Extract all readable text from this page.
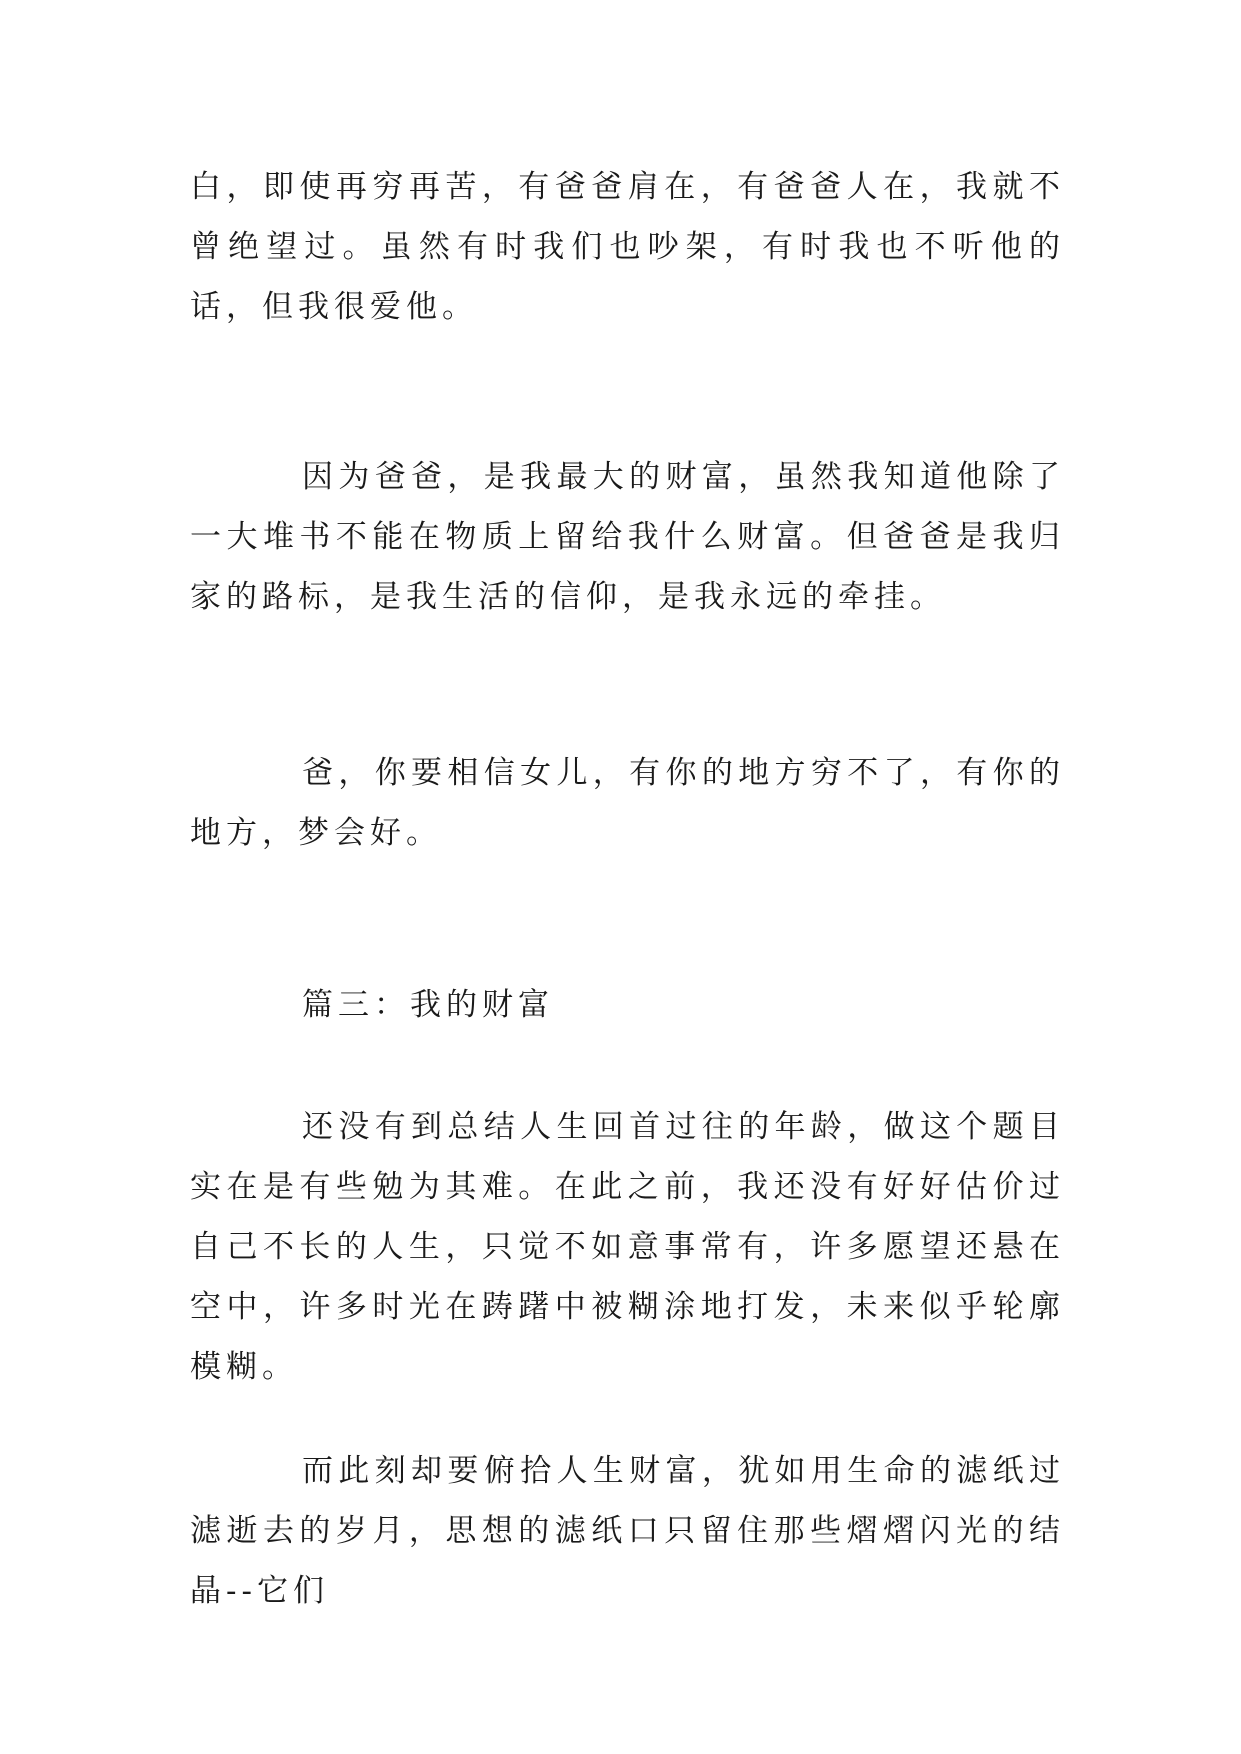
白，即使再穷再苦，有爸爸肩在，有爸爸人在，我就不曾绝望过。虽然有时我们也吵架，有时我也不听他的话，但我很爱他。

因为爸爸，是我最大的财富，虽然我知道他除了一大堆书不能在物质上留给我什么财富。但爸爸是我归家的路标，是我生活的信仰，是我永远的牵挂。

爸，你要相信女儿，有你的地方穷不了，有你的地方，梦会好。

篇三：我的财富

还没有到总结人生回首过往的年龄，做这个题目实在是有些勉为其难。在此之前，我还没有好好估价过自己不长的人生，只觉不如意事常有，许多愿望还悬在空中，许多时光在踌躇中被糊涂地打发，未来似乎轮廓模糊。

而此刻却要俯拾人生财富，犹如用生命的滤纸过滤逝去的岁月，思想的滤纸口只留住那些熠熠闪光的结晶--它们
